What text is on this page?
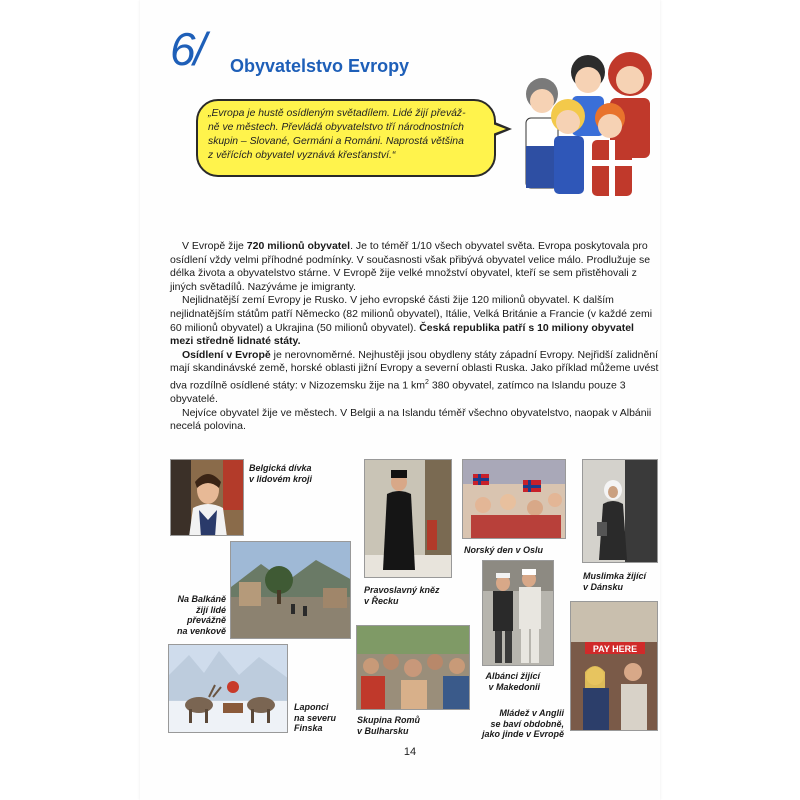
6/ Obyvatelstvo Evropy
„Evropa je hustě osídleným světadílem. Lidé žijí převáž-
ně ve městech. Převládá obyvatelstvo tří národnostních
skupin – Slované, Germáni a Románi. Naprostá většina
z věřících obyvatel vyznává křesťanství.“

V Evropě žije 720 milionů obyvatel. Je to téměř 1/10 všech obyvatel světa. Evropa poskytovala pro osídlení vždy velmi příhodné podmínky. V současnosti však přibývá obyvatel velice málo. Prodlužuje se délka života a obyvatelstvo stárne. V Evropě žije velké množství obyvatel, kteří se sem přistěhovali z jiných světadílů. Nazýváme je imigranty.

Nejlidnatější zemí Evropy je Rusko. V jeho evropské části žije 120 milionů obyvatel. K dalším nejlidnatějším státům patří Německo (82 milionů obyvatel), Itálie, Velká Británie a Francie (v každé zemi 60 milionů obyvatel) a Ukrajina (50 milionů obyvatel). Česká republika patří s 10 miliony obyvatel mezi středně lidnaté státy.

Osídlení v Evropě je nerovnoměrné. Nejhustěji jsou obydleny státy západní Evropy. Nejřidší zalidnění mají skandinávské země, horské oblasti jižní Evropy a severní oblasti Ruska. Jako příklad můžeme uvést dva rozdílně osídlené státy: v Nizozemsku žije na 1 $km^2$ 380 obyvatel, zatímco na Islandu pouze 3 obyvatelé.

Nejvíce obyvatel žije ve městech. V Belgii a na Islandu téměř všechno obyvatelstvo, naopak v Albánii necelá polovina.

Belgická dívka
v lidovém kroji
Na Balkáně
žijí lidé
převážně
na venkově
Pravoslavný kněz
v Řecku
Norský den v Oslu
Muslimka žijící
v Dánsku
Albánci žijící
v Makedonii
Laponci
na severu
Finska
Skupina Romů
v Bulharsku
PAY HERE
Mládež v Anglii
se baví obdobně,
jako jinde v Evropě
14
